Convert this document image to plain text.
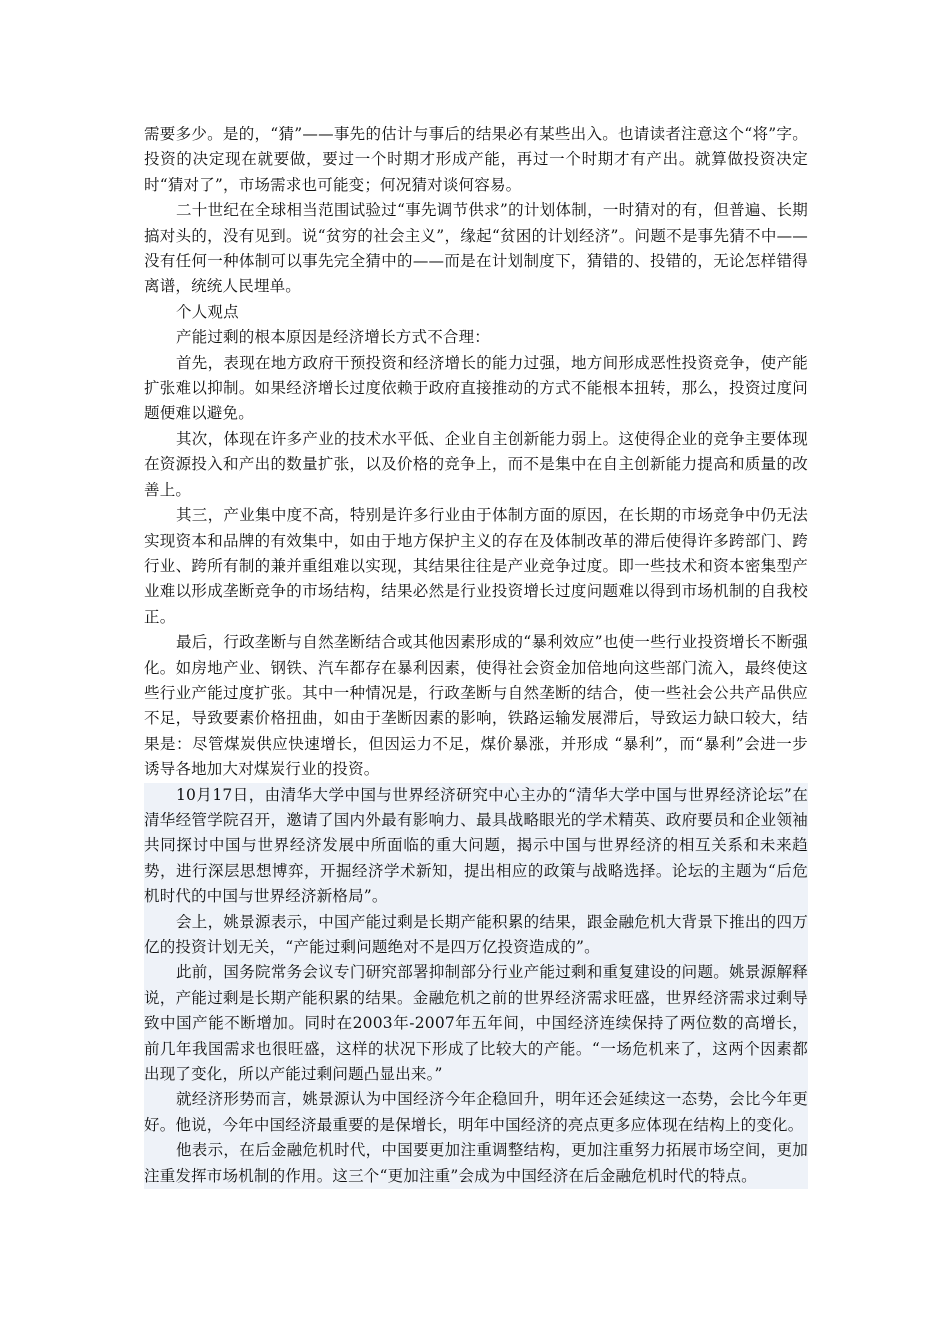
需要多少。是的，“猜”——事先的估计与事后的结果必有某些出入。也请读者注意这个“将”字。投资的决定现在就要做，要过一个时期才形成产能，再过一个时期才有产出。就算做投资决定时“猜对了”，市场需求也可能变；何况猜对谈何容易。

二十世纪在全球相当范围试验过“事先调节供求”的计划体制，一时猜对的有，但普遍、长期搞对头的，没有见到。说“贫穷的社会主义”，缘起“贫困的计划经济”。问题不是事先猜不中——没有任何一种体制可以事先完全猜中的——而是在计划制度下，猜错的、投错的，无论怎样错得离谱，统统人民埋单。

个人观点

产能过剩的根本原因是经济增长方式不合理：

首先，表现在地方政府干预投资和经济增长的能力过强，地方间形成恶性投资竞争，使产能扩张难以抑制。如果经济增长过度依赖于政府直接推动的方式不能根本扭转，那么，投资过度问题便难以避免。

其次，体现在许多产业的技术水平低、企业自主创新能力弱上。这使得企业的竞争主要体现在资源投入和产出的数量扩张，以及价格的竞争上，而不是集中在自主创新能力提高和质量的改善上。

其三，产业集中度不高，特别是许多行业由于体制方面的原因，在长期的市场竞争中仍无法实现资本和品牌的有效集中，如由于地方保护主义的存在及体制改革的滞后使得许多跨部门、跨行业、跨所有制的兼并重组难以实现，其结果往往是产业竞争过度。即一些技术和资本密集型产业难以形成垄断竞争的市场结构，结果必然是行业投资增长过度问题难以得到市场机制的自我校正。

最后，行政垄断与自然垄断结合或其他因素形成的“暴利效应”也使一些行业投资增长不断强化。如房地产业、钢铁、汽车都存在暴利因素，使得社会资金加倍地向这些部门流入，最终使这些行业产能过度扩张。其中一种情况是，行政垄断与自然垄断的结合，使一些社会公共产品供应不足，导致要素价格扭曲，如由于垄断因素的影响，铁路运输发展滞后，导致运力缺口较大，结果是：尽管煤炭供应快速增长，但因运力不足，煤价暴涨，并形成 “暴利”，而“暴利”会进一步诱导各地加大对煤炭行业的投资。

10月17日，由清华大学中国与世界经济研究中心主办的“清华大学中国与世界经济论坛”在清华经管学院召开，邀请了国内外最有影响力、最具战略眼光的学术精英、政府要员和企业领袖共同探讨中国与世界经济发展中所面临的重大问题，揭示中国与世界经济的相互关系和未来趋势，进行深层思想博弈，开掘经济学术新知，提出相应的政策与战略选择。论坛的主题为“后危机时代的中国与世界经济新格局”。

会上，姚景源表示，中国产能过剩是长期产能积累的结果，跟金融危机大背景下推出的四万亿的投资计划无关，“产能过剩问题绝对不是四万亿投资造成的”。

此前，国务院常务会议专门研究部署抑制部分行业产能过剩和重复建设的问题。姚景源解释说，产能过剩是长期产能积累的结果。金融危机之前的世界经济需求旺盛，世界经济需求过剩导致中国产能不断增加。同时在2003年-2007年五年间，中国经济连续保持了两位数的高增长，前几年我国需求也很旺盛，这样的状况下形成了比较大的产能。“一场危机来了，这两个因素都出现了变化，所以产能过剩问题凸显出来。”

就经济形势而言，姚景源认为中国经济今年企稳回升，明年还会延续这一态势，会比今年更好。他说，今年中国经济最重要的是保增长，明年中国经济的亮点更多应体现在结构上的变化。

他表示，在后金融危机时代，中国要更加注重调整结构，更加注重努力拓展市场空间，更加注重发挥市场机制的作用。这三个“更加注重”会成为中国经济在后金融危机时代的特点。
